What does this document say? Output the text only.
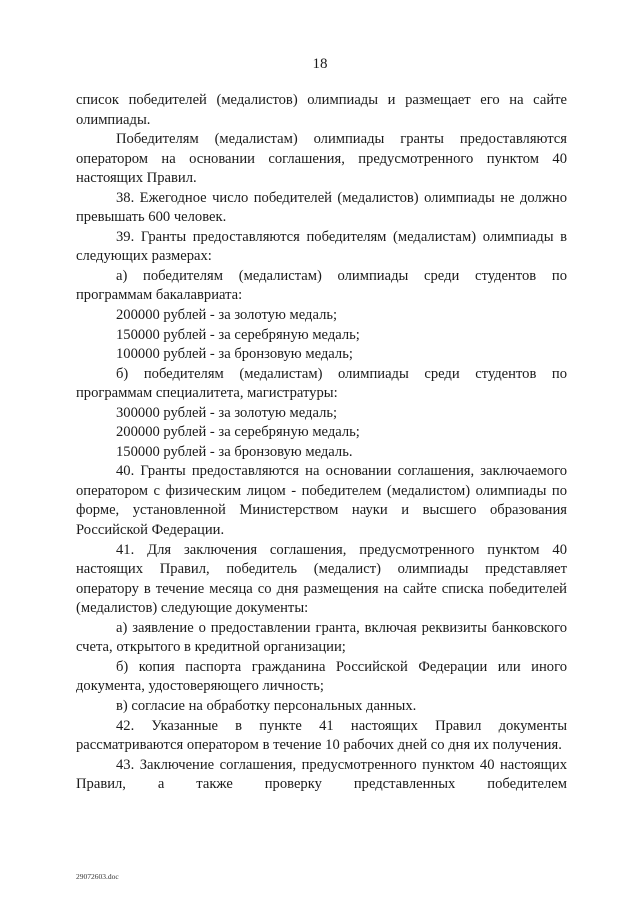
18

список победителей (медалистов) олимпиады и размещает его на сайте олимпиады.

Победителям (медалистам) олимпиады гранты предоставляются оператором на основании соглашения, предусмотренного пунктом 40 настоящих Правил.

38. Ежегодное число победителей (медалистов) олимпиады не должно превышать 600 человек.

39. Гранты предоставляются победителям (медалистам) олимпиады в следующих размерах:

а) победителям (медалистам) олимпиады среди студентов по программам бакалавриата:

200000 рублей - за золотую медаль;

150000 рублей - за серебряную медаль;

100000 рублей - за бронзовую медаль;

б) победителям (медалистам) олимпиады среди студентов по программам специалитета, магистратуры:

300000 рублей - за золотую медаль;

200000 рублей - за серебряную медаль;

150000 рублей - за бронзовую медаль.

40. Гранты предоставляются на основании соглашения, заключаемого оператором с физическим лицом - победителем (медалистом) олимпиады по форме, установленной Министерством науки и высшего образования Российской Федерации.

41. Для заключения соглашения, предусмотренного пунктом 40 настоящих Правил, победитель (медалист) олимпиады представляет оператору в течение месяца со дня размещения на сайте списка победителей (медалистов) следующие документы:

а) заявление о предоставлении гранта, включая реквизиты банковского счета, открытого в кредитной организации;

б) копия паспорта гражданина Российской Федерации или иного документа, удостоверяющего личность;

в) согласие на обработку персональных данных.

42. Указанные в пункте 41 настоящих Правил документы рассматриваются оператором в течение 10 рабочих дней со дня их получения.

43. Заключение соглашения, предусмотренного пунктом 40 настоящих Правил, а также проверку представленных победителем

29072603.doc
